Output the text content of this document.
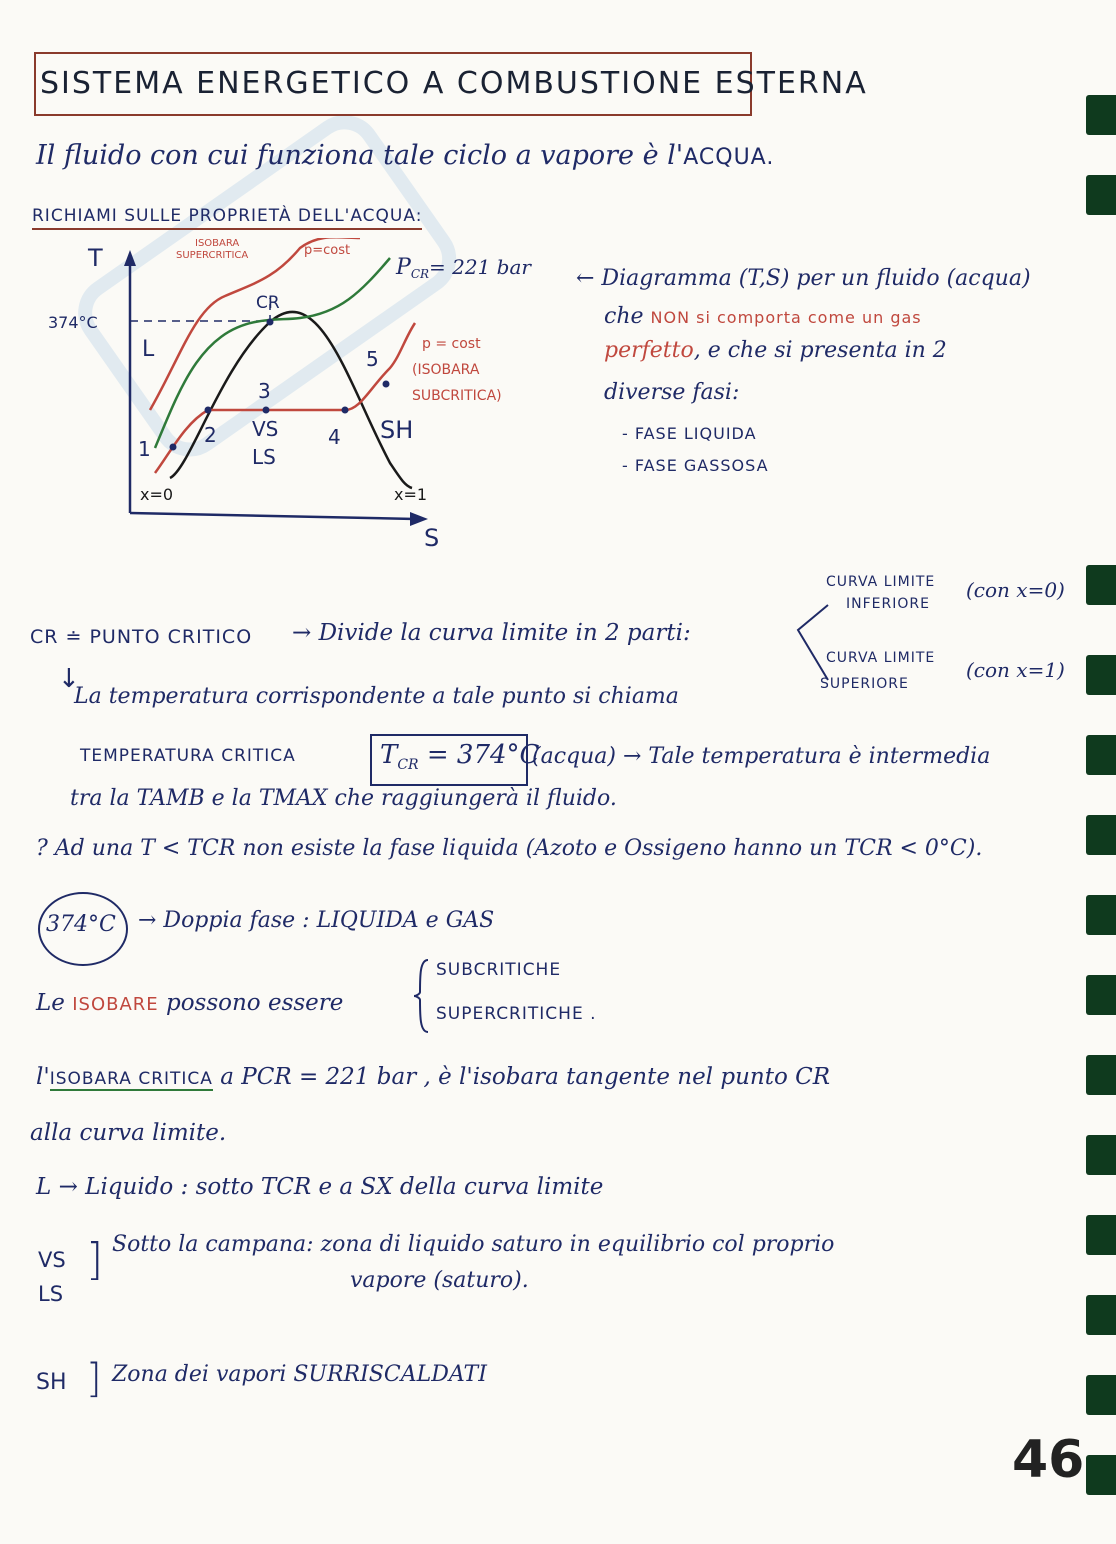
SISTEMA ENERGETICO A COMBUSTIONE ESTERNA
Il fluido con cui funziona tale ciclo a vapore è l'ACQUA.
RICHIAMI SULLE PROPRIETÀ DELL'ACQUA:
T
S
374°C
ISOBARA
SUPERCRITICA	p=cost
PCR= 221 bar
CR
L	p = cost
(ISOBARA
SUBCRITICA)
1
2
3
4
5
VS
LS
SH
x=0	x=1
← Diagramma (T,S) per un fluido (acqua)
che NON si comporta come un gas
perfetto, e che si presenta in 2
diverse fasi:
- FASE LIQUIDA
- FASE GASSOSA
CR ≐ PUNTO CRITICO → Divide la curva limite in 2 parti:
CURVA LIMITE
INFERIORE
(con x=0)
CURVA LIMITE
SUPERIORE
(con x=1)
↓
La temperatura corrispondente a tale punto si chiama
TEMPERATURA CRITICA	$T_{CR} = 374^\circ C$
(acqua) → Tale temperatura è intermedia
tra la TAMB e la TMAX che raggiungerà il fluido.
? Ad una T < TCR non esiste la fase liquida (Azoto e Ossigeno hanno un TCR < 0°C).
374°C → Doppia fase : LIQUIDA e GAS
Le ISOBARE possono essere
SUBCRITICHE
SUPERCRITICHE .
l'ISOBARA CRITICA a PCR = 221 bar , è l'isobara tangente nel punto CR
alla curva limite.
L → Liquido : sotto TCR e a SX della curva limite
VS
LS
] Sotto la campana: zona di liquido saturo in equilibrio col proprio
vapore (saturo).
SH ] Zona dei vapori SURRISCALDATI
46
